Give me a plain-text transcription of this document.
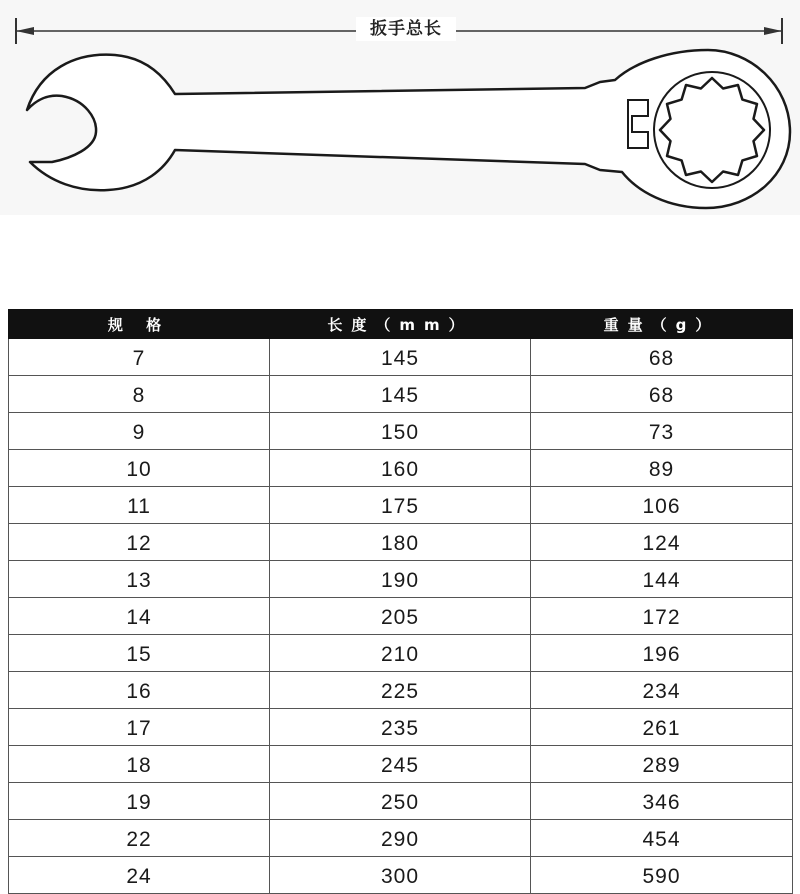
扳手总长
规 格	长度（mm）	重量（g）
7	145	68
8	145	68
9	150	73
10	160	89
11	175	106
12	180	124
13	190	144
14	205	172
15	210	196
16	225	234
17	235	261
18	245	289
19	250	346
22	290	454
24	300	590
